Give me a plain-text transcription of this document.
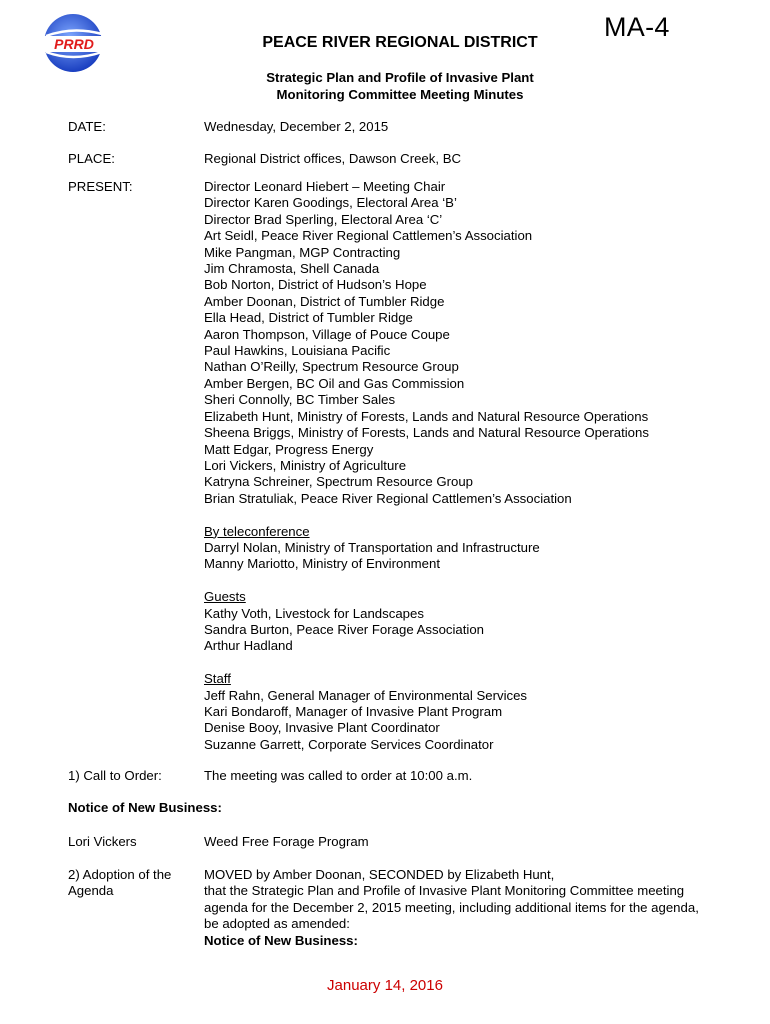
PRRD
MA-4
PEACE RIVER REGIONAL DISTRICT
Strategic Plan and Profile of Invasive Plant
Monitoring Committee Meeting Minutes
DATE:	Wednesday, December 2, 2015
PLACE:	Regional District offices, Dawson Creek, BC
PRESENT:	Director Leonard Hiebert – Meeting Chair
Director Karen Goodings, Electoral Area ‘B’
Director Brad Sperling, Electoral Area ‘C’
Art Seidl, Peace River Regional Cattlemen’s Association
Mike Pangman, MGP Contracting
Jim Chramosta, Shell Canada
Bob Norton, District of Hudson’s Hope
Amber Doonan, District of Tumbler Ridge
Ella Head, District of Tumbler Ridge
Aaron Thompson, Village of Pouce Coupe
Paul Hawkins, Louisiana Pacific
Nathan O’Reilly, Spectrum Resource Group
Amber Bergen, BC Oil and Gas Commission
Sheri Connolly, BC Timber Sales
Elizabeth Hunt, Ministry of Forests, Lands and Natural Resource Operations
Sheena Briggs, Ministry of Forests, Lands and Natural Resource Operations
Matt Edgar, Progress Energy
Lori Vickers, Ministry of Agriculture
Katryna Schreiner, Spectrum Resource Group
Brian Stratuliak, Peace River Regional Cattlemen’s Association
By teleconference
Darryl Nolan, Ministry of Transportation and Infrastructure
Manny Mariotto, Ministry of Environment
Guests
Kathy Voth, Livestock for Landscapes
Sandra Burton, Peace River Forage Association
Arthur Hadland
Staff
Jeff Rahn, General Manager of Environmental Services
Kari Bondaroff, Manager of Invasive Plant Program
Denise Booy, Invasive Plant Coordinator
Suzanne Garrett, Corporate Services Coordinator
1) Call to Order:	The meeting was called to order at 10:00 a.m.
Notice of New Business:
Lori Vickers	Weed Free Forage Program
2) Adoption of the Agenda
MOVED by Amber Doonan, SECONDED by Elizabeth Hunt,
that the Strategic Plan and Profile of Invasive Plant Monitoring Committee meeting
agenda for the December 2, 2015 meeting, including additional items for the agenda,
be adopted as amended:
Notice of New Business:
January 14, 2016
